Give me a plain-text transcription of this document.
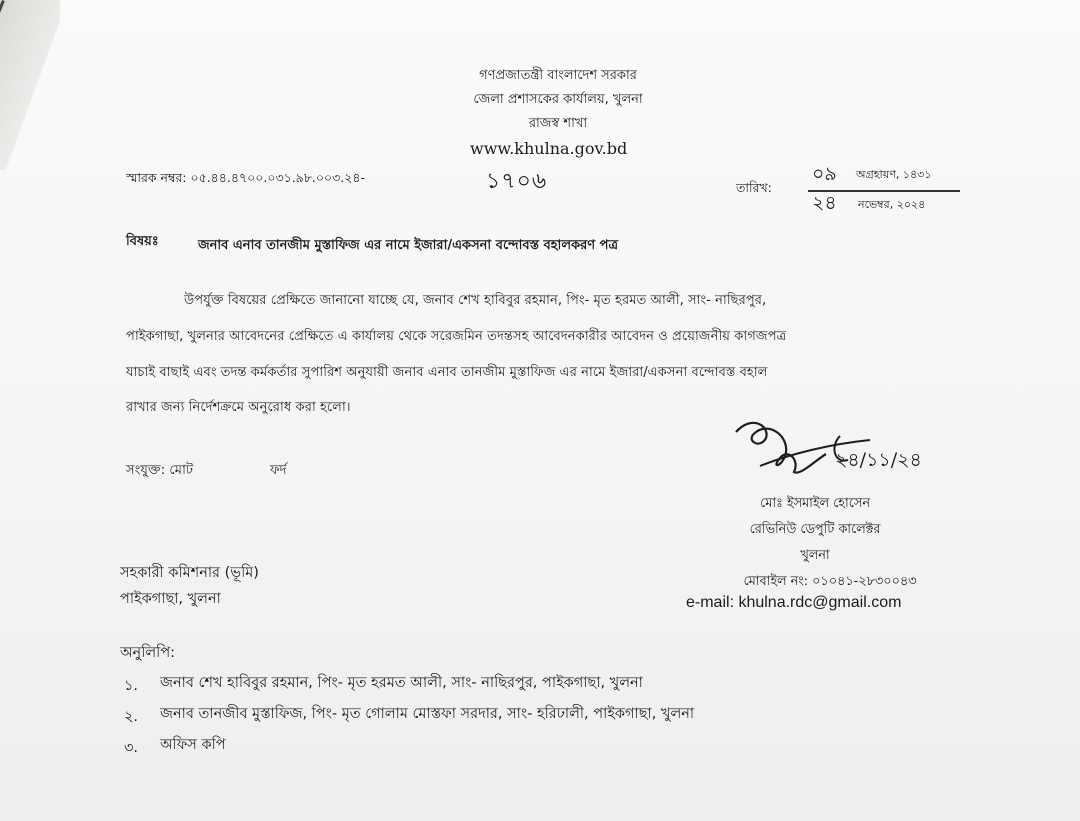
গণপ্রজাতন্ত্রী বাংলাদেশ সরকার
জেলা প্রশাসকের কার্যালয়, খুলনা
রাজস্ব শাখা
www.khulna.gov.bd
স্মারক নম্বর: ০৫.৪৪.৪৭০০.০৩১.৯৮.০০৩.২৪-	১৭০৬	তারিখ:
০৯ অগ্রহায়ণ, ১৪৩১
২৪ নভেম্বর, ২০২৪
বিষয়ঃ	জনাব এনাব তানজীম মুস্তাফিজ এর নামে ইজারা/একসনা বন্দোবস্ত বহালকরণ পত্র
উপর্যুক্ত বিষয়ের প্রেক্ষিতে জানানো যাচ্ছে যে, জনাব শেখ হাবিবুর রহমান, পিং- মৃত হরমত আলী, সাং- নাছিরপুর,
পাইকগাছা, খুলনার আবেদনের প্রেক্ষিতে এ কার্যালয় থেকে সরেজমিন তদন্তসহ আবেদনকারীর আবেদন ও প্রয়োজনীয় কাগজপত্র
যাচাই বাছাই এবং তদন্ত কর্মকর্তার সুপারিশ অনুযায়ী জনাব এনাব তানজীম মুস্তাফিজ এর নামে ইজারা/একসনা বন্দোবস্ত বহাল
রাখার জন্য নির্দেশক্রমে অনুরোধ করা হলো।
সংযুক্ত: মোট	ফর্দ	২৪/১১/২৪
মোঃ ইসমাইল হোসেন
রেভিনিউ ডেপুটি কালেক্টর
খুলনা
মোবাইল নং: ০১০৪১-২৮৩০০৪৩
e-mail: khulna.rdc@gmail.com
সহকারী কমিশনার (ভূমি)
পাইকগাছা, খুলনা
অনুলিপি:
১. জনাব শেখ হাবিবুর রহমান, পিং- মৃত হরমত আলী, সাং- নাছিরপুর, পাইকগাছা, খুলনা
২. জনাব তানজীব মুস্তাফিজ, পিং- মৃত গোলাম মোস্তফা সরদার, সাং- হরিঢালী, পাইকগাছা, খুলনা
৩. অফিস কপি
